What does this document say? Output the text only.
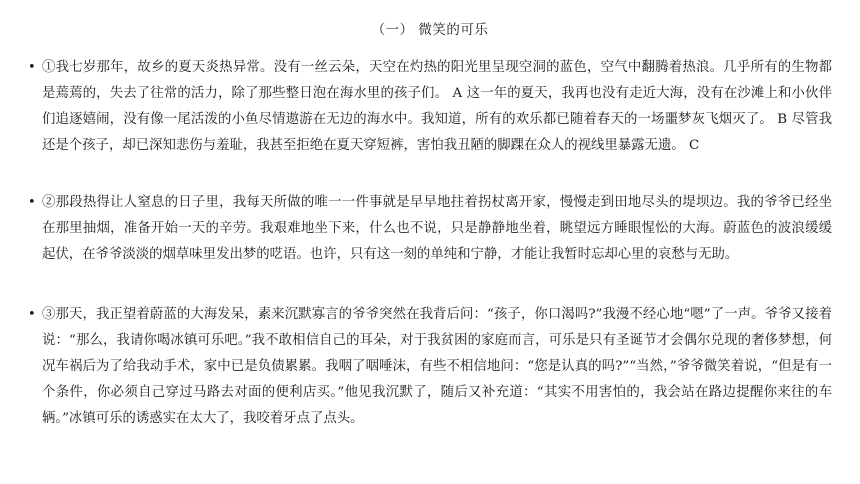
（一） 微笑的可乐
• ①我七岁那年，故乡的夏天炎热异常。没有一丝云朵，天空在灼热的阳光里呈现空洞的蓝色，空气中翻腾着热浪。几乎所有的生物都是蔫蔫的，失去了往常的活力，除了那些整日泡在海水里的孩子们。 A 这一年的夏天，我再也没有走近大海，没有在沙滩上和小伙伴们追逐嬉闹，没有像一尾活泼的小鱼尽情遨游在无边的海水中。我知道，所有的欢乐都已随着春天的一场噩梦灰飞烟灭了。 B 尽管我还是个孩子，却已深知悲伤与羞耻，我甚至拒绝在夏天穿短裤，害怕我丑陋的脚踝在众人的视线里暴露无遗。 C

• ②那段热得让人窒息的日子里，我每天所做的唯一一件事就是早早地拄着拐杖离开家，慢慢走到田地尽头的堤坝边。我的爷爷已经坐在那里抽烟，准备开始一天的辛劳。我艰难地坐下来，什么也不说，只是静静地坐着，眺望远方睡眼惺忪的大海。蔚蓝色的波浪缓缓起伏，在爷爷淡淡的烟草味里发出梦的呓语。也许，只有这一刻的单纯和宁静，才能让我暂时忘却心里的哀愁与无助。

• ③那天，我正望着蔚蓝的大海发呆，素来沉默寡言的爷爷突然在我背后问：“孩子，你口渴吗?”我漫不经心地“嗯”了一声。爷爷又接着说：“那么，我请你喝冰镇可乐吧。”我不敢相信自己的耳朵，对于我贫困的家庭而言，可乐是只有圣诞节才会偶尔兑现的奢侈梦想，何况车祸后为了给我动手术，家中已是负债累累。我咽了咽唾沫，有些不相信地问：“您是认真的吗?”“当然，”爷爷微笑着说，“但是有一个条件，你必须自己穿过马路去对面的便利店买。”他见我沉默了，随后又补充道：“其实不用害怕的，我会站在路边提醒你来往的车辆。”冰镇可乐的诱惑实在太大了，我咬着牙点了点头。
